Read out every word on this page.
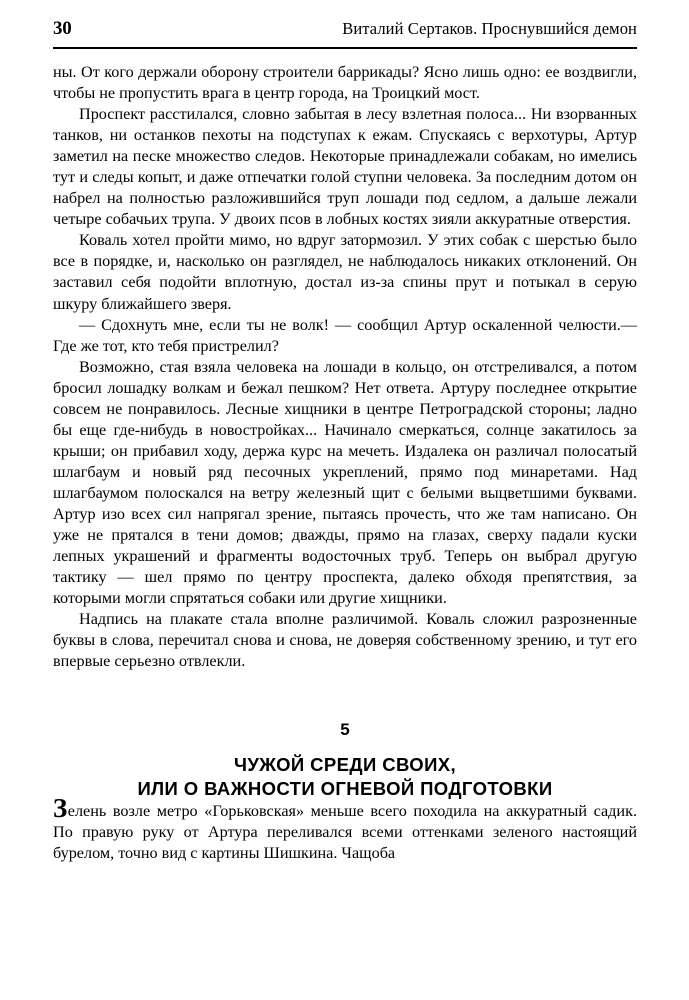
30	Виталий Сертаков. Проснувшийся демон

ны. От кого держали оборону строители баррикады? Ясно лишь одно: ее воздвигли, чтобы не пропустить врага в центр города, на Троицкий мост.

Проспект расстилался, словно забытая в лесу взлетная полоса... Ни взорванных танков, ни останков пехоты на подступах к ежам. Спускаясь с верхотуры, Артур заметил на песке множество следов. Некоторые принадлежали собакам, но имелись тут и следы копыт, и даже отпечатки голой ступни человека. За последним дотом он набрел на полностью разложившийся труп лошади под седлом, а дальше лежали четыре собачьих трупа. У двоих псов в лобных костях зияли аккуратные отверстия.

Коваль хотел пройти мимо, но вдруг затормозил. У этих собак с шерстью было все в порядке, и, насколько он разглядел, не наблюдалось никаких отклонений. Он заставил себя подойти вплотную, достал из-за спины прут и потыкал в серую шкуру ближайшего зверя.

— Сдохнуть мне, если ты не волк! — сообщил Артур оскаленной челюсти.— Где же тот, кто тебя пристрелил?

Возможно, стая взяла человека на лошади в кольцо, он отстреливался, а потом бросил лошадку волкам и бежал пешком? Нет ответа. Артуру последнее открытие совсем не понравилось. Лесные хищники в центре Петроградской стороны; ладно бы еще где-нибудь в новостройках... Начинало смеркаться, солнце закатилось за крыши; он прибавил ходу, держа курс на мечеть. Издалека он различал полосатый шлагбаум и новый ряд песочных укреплений, прямо под минаретами. Над шлагбаумом полоскался на ветру железный щит с белыми выцветшими буквами. Артур изо всех сил напрягал зрение, пытаясь прочесть, что же там написано. Он уже не прятался в тени домов; дважды, прямо на глазах, сверху падали куски лепных украшений и фрагменты водосточных труб. Теперь он выбрал другую тактику — шел прямо по центру проспекта, далеко обходя препятствия, за которыми могли спрятаться собаки или другие хищники.

Надпись на плакате стала вполне различимой. Коваль сложил разрозненные буквы в слова, перечитал снова и снова, не доверяя собственному зрению, и тут его впервые серьезно отвлекли.

5
ЧУЖОЙ СРЕДИ СВОИХ,
ИЛИ О ВАЖНОСТИ ОГНЕВОЙ ПОДГОТОВКИ

Зелень возле метро «Горьковская» меньше всего походила на аккуратный садик. По правую руку от Артура переливался всеми оттенками зеленого настоящий бурелом, точно вид с картины Шишкина. Чащоба
